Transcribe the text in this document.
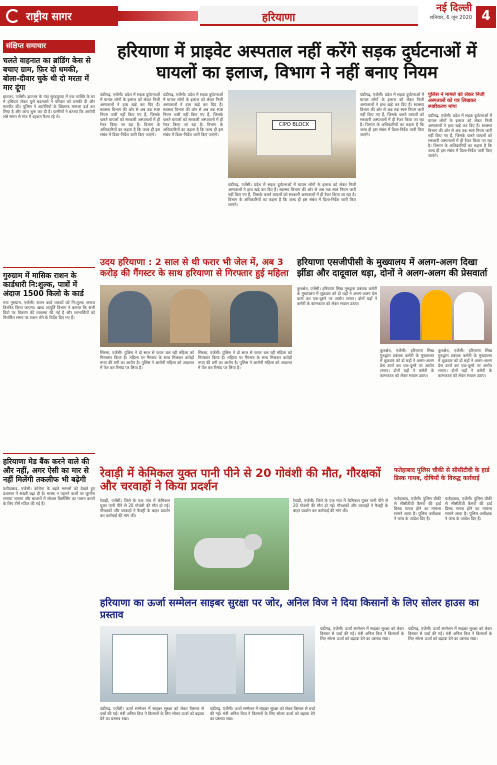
राष्ट्रीय सागर	हरियाणा
नई दिल्ली
शनिवार, 6 जून 2020 4
संक्षिप्त समाचार
चलते वाहनात का ब्रांडिंग केस से बचाए ग्राम, फ़िर दो धमकी, बोला-दीवार चुके थी दो मरता में मार दूंगा
झज्जर, एजेंसी। झज्जर के गांव सुरहपुरवा में एक व्यक्ति के घर में हथियार लेकर घुसे बदमाशों ने परिवार को धमकी दी और मारपीट की। पुलिस ने आरोपियों के खिलाफ मामला दर्ज कर लिया है और जांच शुरू कर दी है। ग्रामीणों ने बताया कि आरोपी लंबे समय से गांव में दहशत फैला रहे थे।
गुरुग्राम में मासिक राशन के कार्डधारी नि:शुल्क, पात्रों में अंदाज 1500 किलो के कार्ड
नया गुरुग्राम, एजेंसी। राशन कार्ड धारकों को नि:शुल्क अनाज वितरित किया जाएगा। खाद्य आपूर्ति विभाग ने बताया कि सभी डिपो पर वितरण की व्यवस्था की गई है और लाभार्थियों को निर्धारित समय पर राशन लेने के निर्देश दिए गए हैं।
हरियाणा मेड बैंक करने वाले की और नहीं, अगर ऐसी का मार से नहीं मिलेंगी तकलीफ भी बढ़ेगी
फरीदाबाद, एजेंसी। कोरोना के बढ़ते मामलों को देखते हुए प्रशासन ने सख्ती बढ़ा दी है। मास्क न पहनने वालों पर जुर्माना लगाया जाएगा और बाजारों में सोशल डिस्टेंसिंग का पालन कराने के लिए टीमें गठित की गई हैं।
हरियाणा में प्राइवेट अस्पताल नहीं करेंगे सड़क दुर्घटनाओं में घायलों का इलाज, विभाग ने नहीं बनाए नियम
चंडीगढ़, एजेंसी। प्रदेश में सड़क दुर्घटनाओं में घायल लोगों के इलाज को लेकर निजी अस्पतालों ने हाथ खड़े कर दिए हैं। स्वास्थ्य विभाग की ओर से अब तक स्पष्ट नियम जारी नहीं किए गए हैं, जिसके चलते घायलों को सरकारी अस्पतालों में ही रेफर किया जा रहा है। विभाग के अधिकारियों का कहना है कि जल्द ही इस संबंध में दिशा-निर्देश जारी किए जाएंगे।
चंडीगढ़, एजेंसी। प्रदेश में सड़क दुर्घटनाओं में घायल लोगों के इलाज को लेकर निजी अस्पतालों ने हाथ खड़े कर दिए हैं। स्वास्थ्य विभाग की ओर से अब तक स्पष्ट नियम जारी नहीं किए गए हैं, जिसके चलते घायलों को सरकारी अस्पतालों में ही रेफर किया जा रहा है। विभाग के अधिकारियों का कहना है कि जल्द ही इस संबंध में दिशा-निर्देश जारी किए जाएंगे।
CIPO BLOCK
चंडीगढ़, एजेंसी। प्रदेश में सड़क दुर्घटनाओं में घायल लोगों के इलाज को लेकर निजी अस्पतालों ने हाथ खड़े कर दिए हैं। स्वास्थ्य विभाग की ओर से अब तक स्पष्ट नियम जारी नहीं किए गए हैं, जिसके चलते घायलों को सरकारी अस्पतालों में ही रेफर किया जा रहा है। विभाग के अधिकारियों का कहना है कि जल्द ही इस संबंध में दिशा-निर्देश जारी किए जाएंगे।
चंडीगढ़, एजेंसी। प्रदेश में सड़क दुर्घटनाओं में घायल लोगों के इलाज को लेकर निजी अस्पतालों ने हाथ खड़े कर दिए हैं। स्वास्थ्य विभाग की ओर से अब तक स्पष्ट नियम जारी नहीं किए गए हैं, जिसके चलते घायलों को सरकारी अस्पतालों में ही रेफर किया जा रहा है। विभाग के अधिकारियों का कहना है कि जल्द ही इस संबंध में दिशा-निर्देश जारी किए जाएंगे।
पुलिस ने मामले को लेकर निजी अस्पतालों को पत्र लिखकर स्पष्टीकरण मांगा
चंडीगढ़, एजेंसी। प्रदेश में सड़क दुर्घटनाओं में घायल लोगों के इलाज को लेकर निजी अस्पतालों ने हाथ खड़े कर दिए हैं। स्वास्थ्य विभाग की ओर से अब तक स्पष्ट नियम जारी नहीं किए गए हैं, जिसके चलते घायलों को सरकारी अस्पतालों में ही रेफर किया जा रहा है। विभाग के अधिकारियों का कहना है कि जल्द ही इस संबंध में दिशा-निर्देश जारी किए जाएंगे।
उदय हरियाणा : 2 साल से थी फरार भी जेल में, अब 3 करोड़ की गैंगस्टर के साथ हरियाणा से गिरफ्तार हुई महिला
सिरसा, एजेंसी। पुलिस ने दो साल से फरार चल रही महिला को गिरफ्तार किया है। महिला पर गैंगस्टर के साथ मिलकर करोड़ों रुपए की ठगी का आरोप है। पुलिस ने आरोपी महिला को अदालत में पेश कर रिमांड पर लिया है।
सिरसा, एजेंसी। पुलिस ने दो साल से फरार चल रही महिला को गिरफ्तार किया है। महिला पर गैंगस्टर के साथ मिलकर करोड़ों रुपए की ठगी का आरोप है। पुलिस ने आरोपी महिला को अदालत में पेश कर रिमांड पर लिया है।
हरियाणा एसजीपीसी के मुख्यालय में अलग-अलग दिखा झींडा और दादूवाल धड़ा, दोनों ने अलग-अलग की प्रेसवार्ता
कुरुक्षेत्र, एजेंसी। हरियाणा सिख गुरुद्वारा प्रबंधक कमेटी के मुख्यालय में शुक्रवार को दो धड़ों ने अलग-अलग प्रेस वार्ता कर एक-दूसरे पर आरोप लगाए। दोनों धड़ों ने कमेटी के कामकाज को लेकर सवाल उठाए।
कुरुक्षेत्र, एजेंसी। हरियाणा सिख गुरुद्वारा प्रबंधक कमेटी के मुख्यालय में शुक्रवार को दो धड़ों ने अलग-अलग प्रेस वार्ता कर एक-दूसरे पर आरोप लगाए। दोनों धड़ों ने कमेटी के कामकाज को लेकर सवाल उठाए।
कुरुक्षेत्र, एजेंसी। हरियाणा सिख गुरुद्वारा प्रबंधक कमेटी के मुख्यालय में शुक्रवार को दो धड़ों ने अलग-अलग प्रेस वार्ता कर एक-दूसरे पर आरोप लगाए। दोनों धड़ों ने कमेटी के कामकाज को लेकर सवाल उठाए।
रेवाड़ी में केमिकल युक्त पानी पीने से 20 गोवंशी की मौत, गौरक्षकों और चरवाहों ने किया प्रदर्शन
रेवाड़ी, एजेंसी। जिले के एक गांव में केमिकल युक्त पानी पीने से 20 गोवंशी की मौत हो गई। गौरक्षकों और चरवाहों ने फैक्ट्री के बाहर प्रदर्शन कर कार्रवाई की मांग की।
रेवाड़ी, एजेंसी। जिले के एक गांव में केमिकल युक्त पानी पीने से 20 गोवंशी की मौत हो गई। गौरक्षकों और चरवाहों ने फैक्ट्री के बाहर प्रदर्शन कर कार्रवाई की मांग की।
फतेहाबाद पुलिस चौकी से सीसीटीवी के हार्ड डिस्क गायब, दोषियों के विरुद्ध कार्रवाई
फतेहाबाद, एजेंसी। पुलिस चौकी से सीसीटीवी कैमरों की हार्ड डिस्क गायब होने का मामला सामने आया है। पुलिस अधीक्षक ने जांच के आदेश दिए हैं।
फतेहाबाद, एजेंसी। पुलिस चौकी से सीसीटीवी कैमरों की हार्ड डिस्क गायब होने का मामला सामने आया है। पुलिस अधीक्षक ने जांच के आदेश दिए हैं।
हरियाणा का ऊर्जा सम्मेलन साइबर सुरक्षा पर जोर, अनिल विज ने दिया किसानों के लिए सोलर हाउस का प्रस्ताव
चंडीगढ़, एजेंसी। ऊर्जा सम्मेलन में साइबर सुरक्षा को लेकर विस्तार से चर्चा की गई। मंत्री अनिल विज ने किसानों के लिए सोलर ऊर्जा को बढ़ावा देने का प्रस्ताव रखा।
चंडीगढ़, एजेंसी। ऊर्जा सम्मेलन में साइबर सुरक्षा को लेकर विस्तार से चर्चा की गई। मंत्री अनिल विज ने किसानों के लिए सोलर ऊर्जा को बढ़ावा देने का प्रस्ताव रखा।
चंडीगढ़, एजेंसी। ऊर्जा सम्मेलन में साइबर सुरक्षा को लेकर विस्तार से चर्चा की गई। मंत्री अनिल विज ने किसानों के लिए सोलर ऊर्जा को बढ़ावा देने का प्रस्ताव रखा।
चंडीगढ़, एजेंसी। ऊर्जा सम्मेलन में साइबर सुरक्षा को लेकर विस्तार से चर्चा की गई। मंत्री अनिल विज ने किसानों के लिए सोलर ऊर्जा को बढ़ावा देने का प्रस्ताव रखा।
